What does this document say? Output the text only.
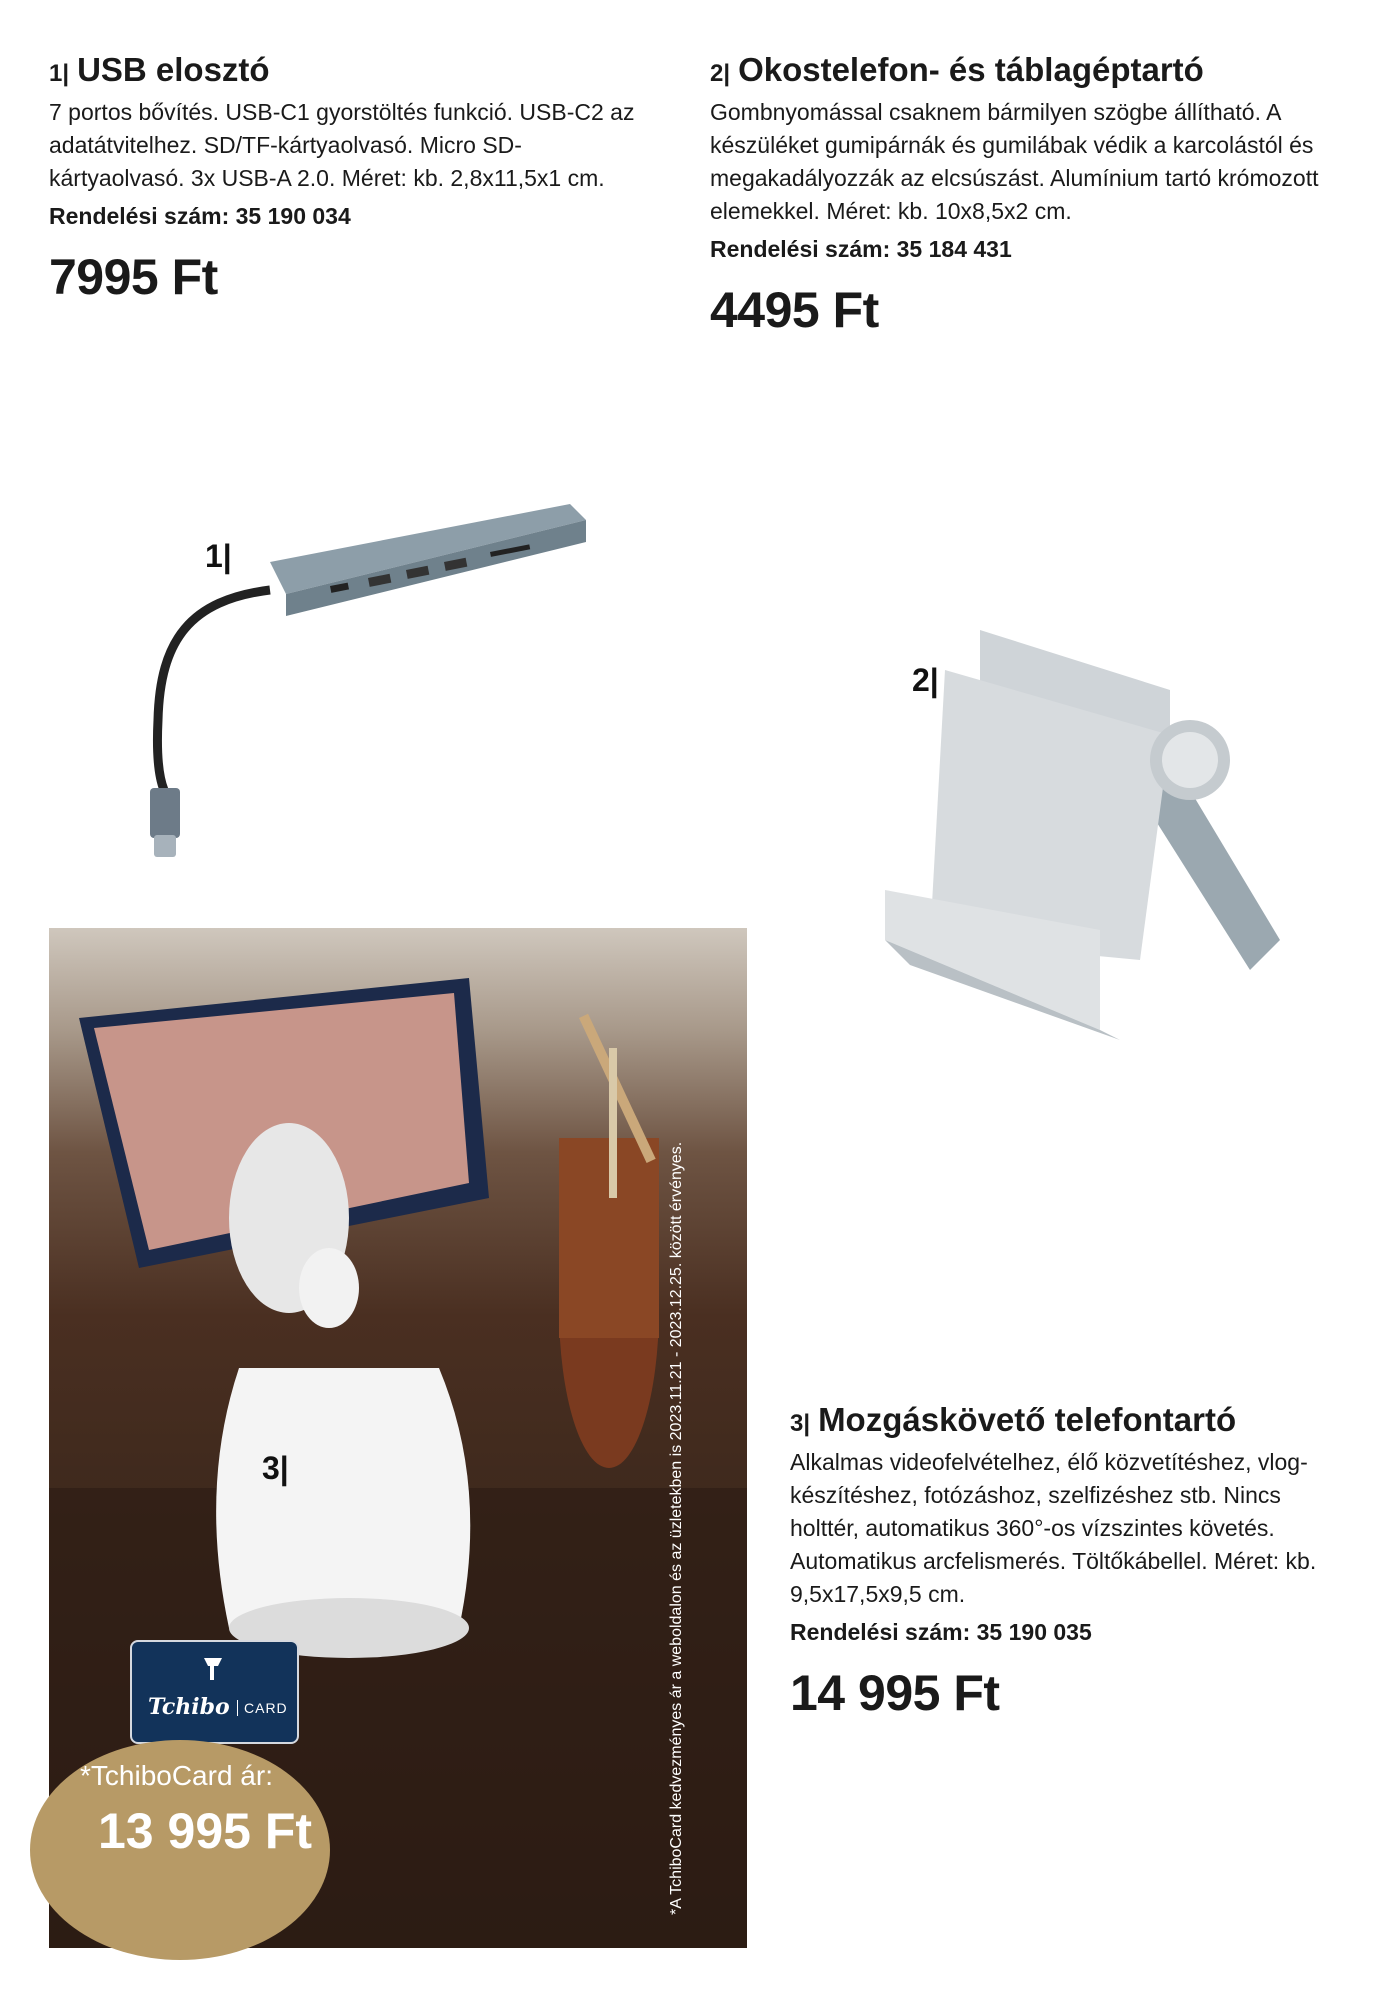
1| USB elosztó

7 portos bővítés. USB-C1 gyorstöltés funkció. USB-C2 az adatátvitelhez. SD/TF-kártyaolvasó. Micro SD-kártyaolvasó. 3x USB-A 2.0. Méret: kb. 2,8x11,5x1 cm.

Rendelési szám: 35 190 034
7995 Ft
2| Okostelefon- és táblagéptartó

Gombnyomással csaknem bármilyen szögbe állítható. A készüléket gumipárnák és gumilábak védik a karcolástól és megakadályozzák az elcsúszást. Alumínium tartó krómozott elemekkel. Méret: kb. 10x8,5x2 cm.

Rendelési szám: 35 184 431
4495 Ft
1|
2|
3|
Tchibo	CARD
*TchiboCard ár:
13 995 Ft	*A TchiboCard kedvezményes ár a weboldalon és az üzletekben is 2023.11.21 - 2023.12.25. között érvényes.	3| Mozgáskövető telefontartó

Alkalmas videofelvételhez, élő közvetítéshez, vlog-készítéshez, fotózáshoz, szelfizéshez stb. Nincs holttér, automatikus 360°-os vízszintes követés. Automatikus arcfelismerés. Töltőkábellel. Méret: kb. 9,5x17,5x9,5 cm.

Rendelési szám: 35 190 035
14 995 Ft
